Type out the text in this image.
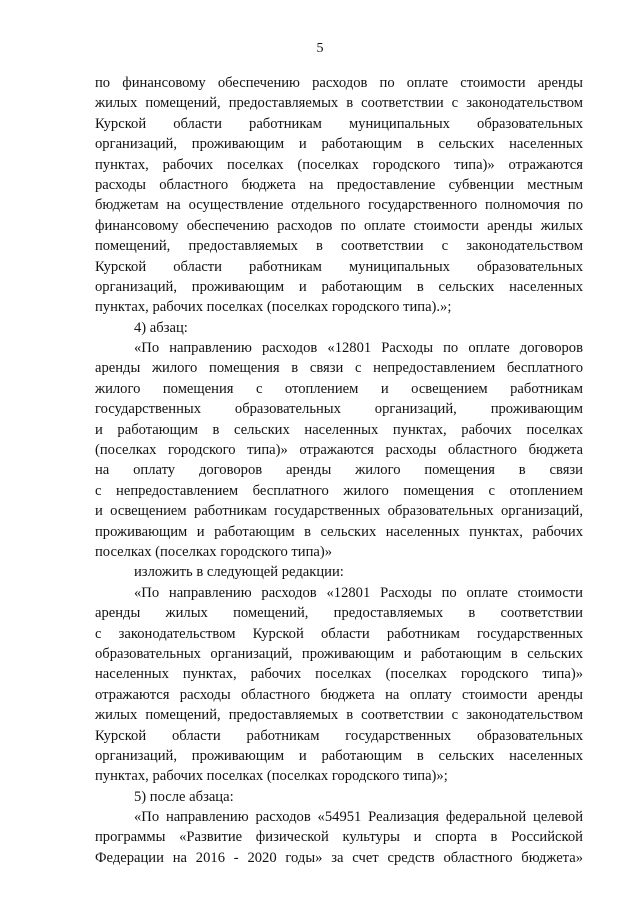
5
по финансовому обеспечению расходов по оплате стоимости аренды
жилых помещений, предоставляемых в соответствии с законодательством
Курской области работникам муниципальных образовательных
организаций, проживающим и работающим в сельских населенных
пунктах, рабочих поселках (поселках городского типа)» отражаются
расходы областного бюджета на предоставление субвенции местным
бюджетам на осуществление отдельного государственного полномочия по
финансовому обеспечению расходов по оплате стоимости аренды жилых
помещений, предоставляемых в соответствии с законодательством
Курской области работникам муниципальных образовательных
организаций, проживающим и работающим в сельских населенных
пунктах, рабочих поселках (поселках городского типа).»;
4) абзац:
«По направлению расходов «12801 Расходы по оплате договоров
аренды жилого помещения в связи с непредоставлением бесплатного
жилого помещения с отоплением и освещением работникам
государственных образовательных организаций, проживающим
и работающим в сельских населенных пунктах, рабочих поселках
(поселках городского типа)» отражаются расходы областного бюджета
на оплату договоров аренды жилого помещения в связи
с непредоставлением бесплатного жилого помещения с отоплением
и освещением работникам государственных образовательных организаций,
проживающим и работающим в сельских населенных пунктах, рабочих
поселках (поселках городского типа)»
изложить в следующей редакции:
«По направлению расходов «12801 Расходы по оплате стоимости
аренды жилых помещений, предоставляемых в соответствии
с законодательством Курской области работникам государственных
образовательных организаций, проживающим и работающим в сельских
населенных пунктах, рабочих поселках (поселках городского типа)»
отражаются расходы областного бюджета на оплату стоимости аренды
жилых помещений, предоставляемых в соответствии с законодательством
Курской области работникам государственных образовательных
организаций, проживающим и работающим в сельских населенных
пунктах, рабочих поселках (поселках городского типа)»;
5) после абзаца:
«По направлению расходов «54951 Реализация федеральной целевой
программы «Развитие физической культуры и спорта в Российской
Федерации на 2016 - 2020 годы» за счет средств областного бюджета»
